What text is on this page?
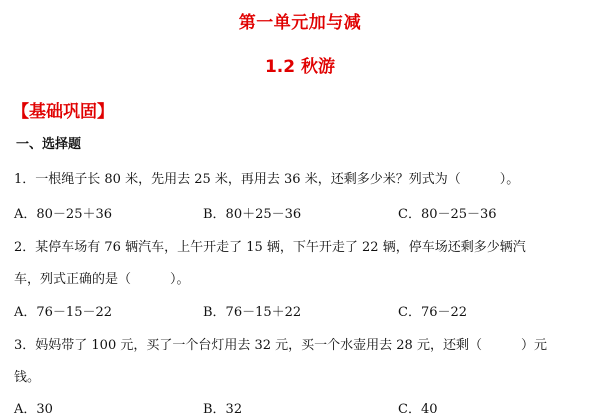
第一单元加与减
1.2 秋游
【基础巩固】
一、选择题
1．一根绳子长 80 米，先用去 25 米，再用去 36 米，还剩多少米？列式为（　　　）。
A．80－25＋36	B．80＋25－36	C．80－25－36
2．某停车场有 76 辆汽车，上午开走了 15 辆，下午开走了 22 辆，停车场还剩多少辆汽
车，列式正确的是（　　　）。
A．76－15－22	B．76－15＋22	C．76－22
3．妈妈带了 100 元，买了一个台灯用去 32 元，买一个水壶用去 28 元，还剩（　　　）元
钱。
A．30	B．32	C．40
